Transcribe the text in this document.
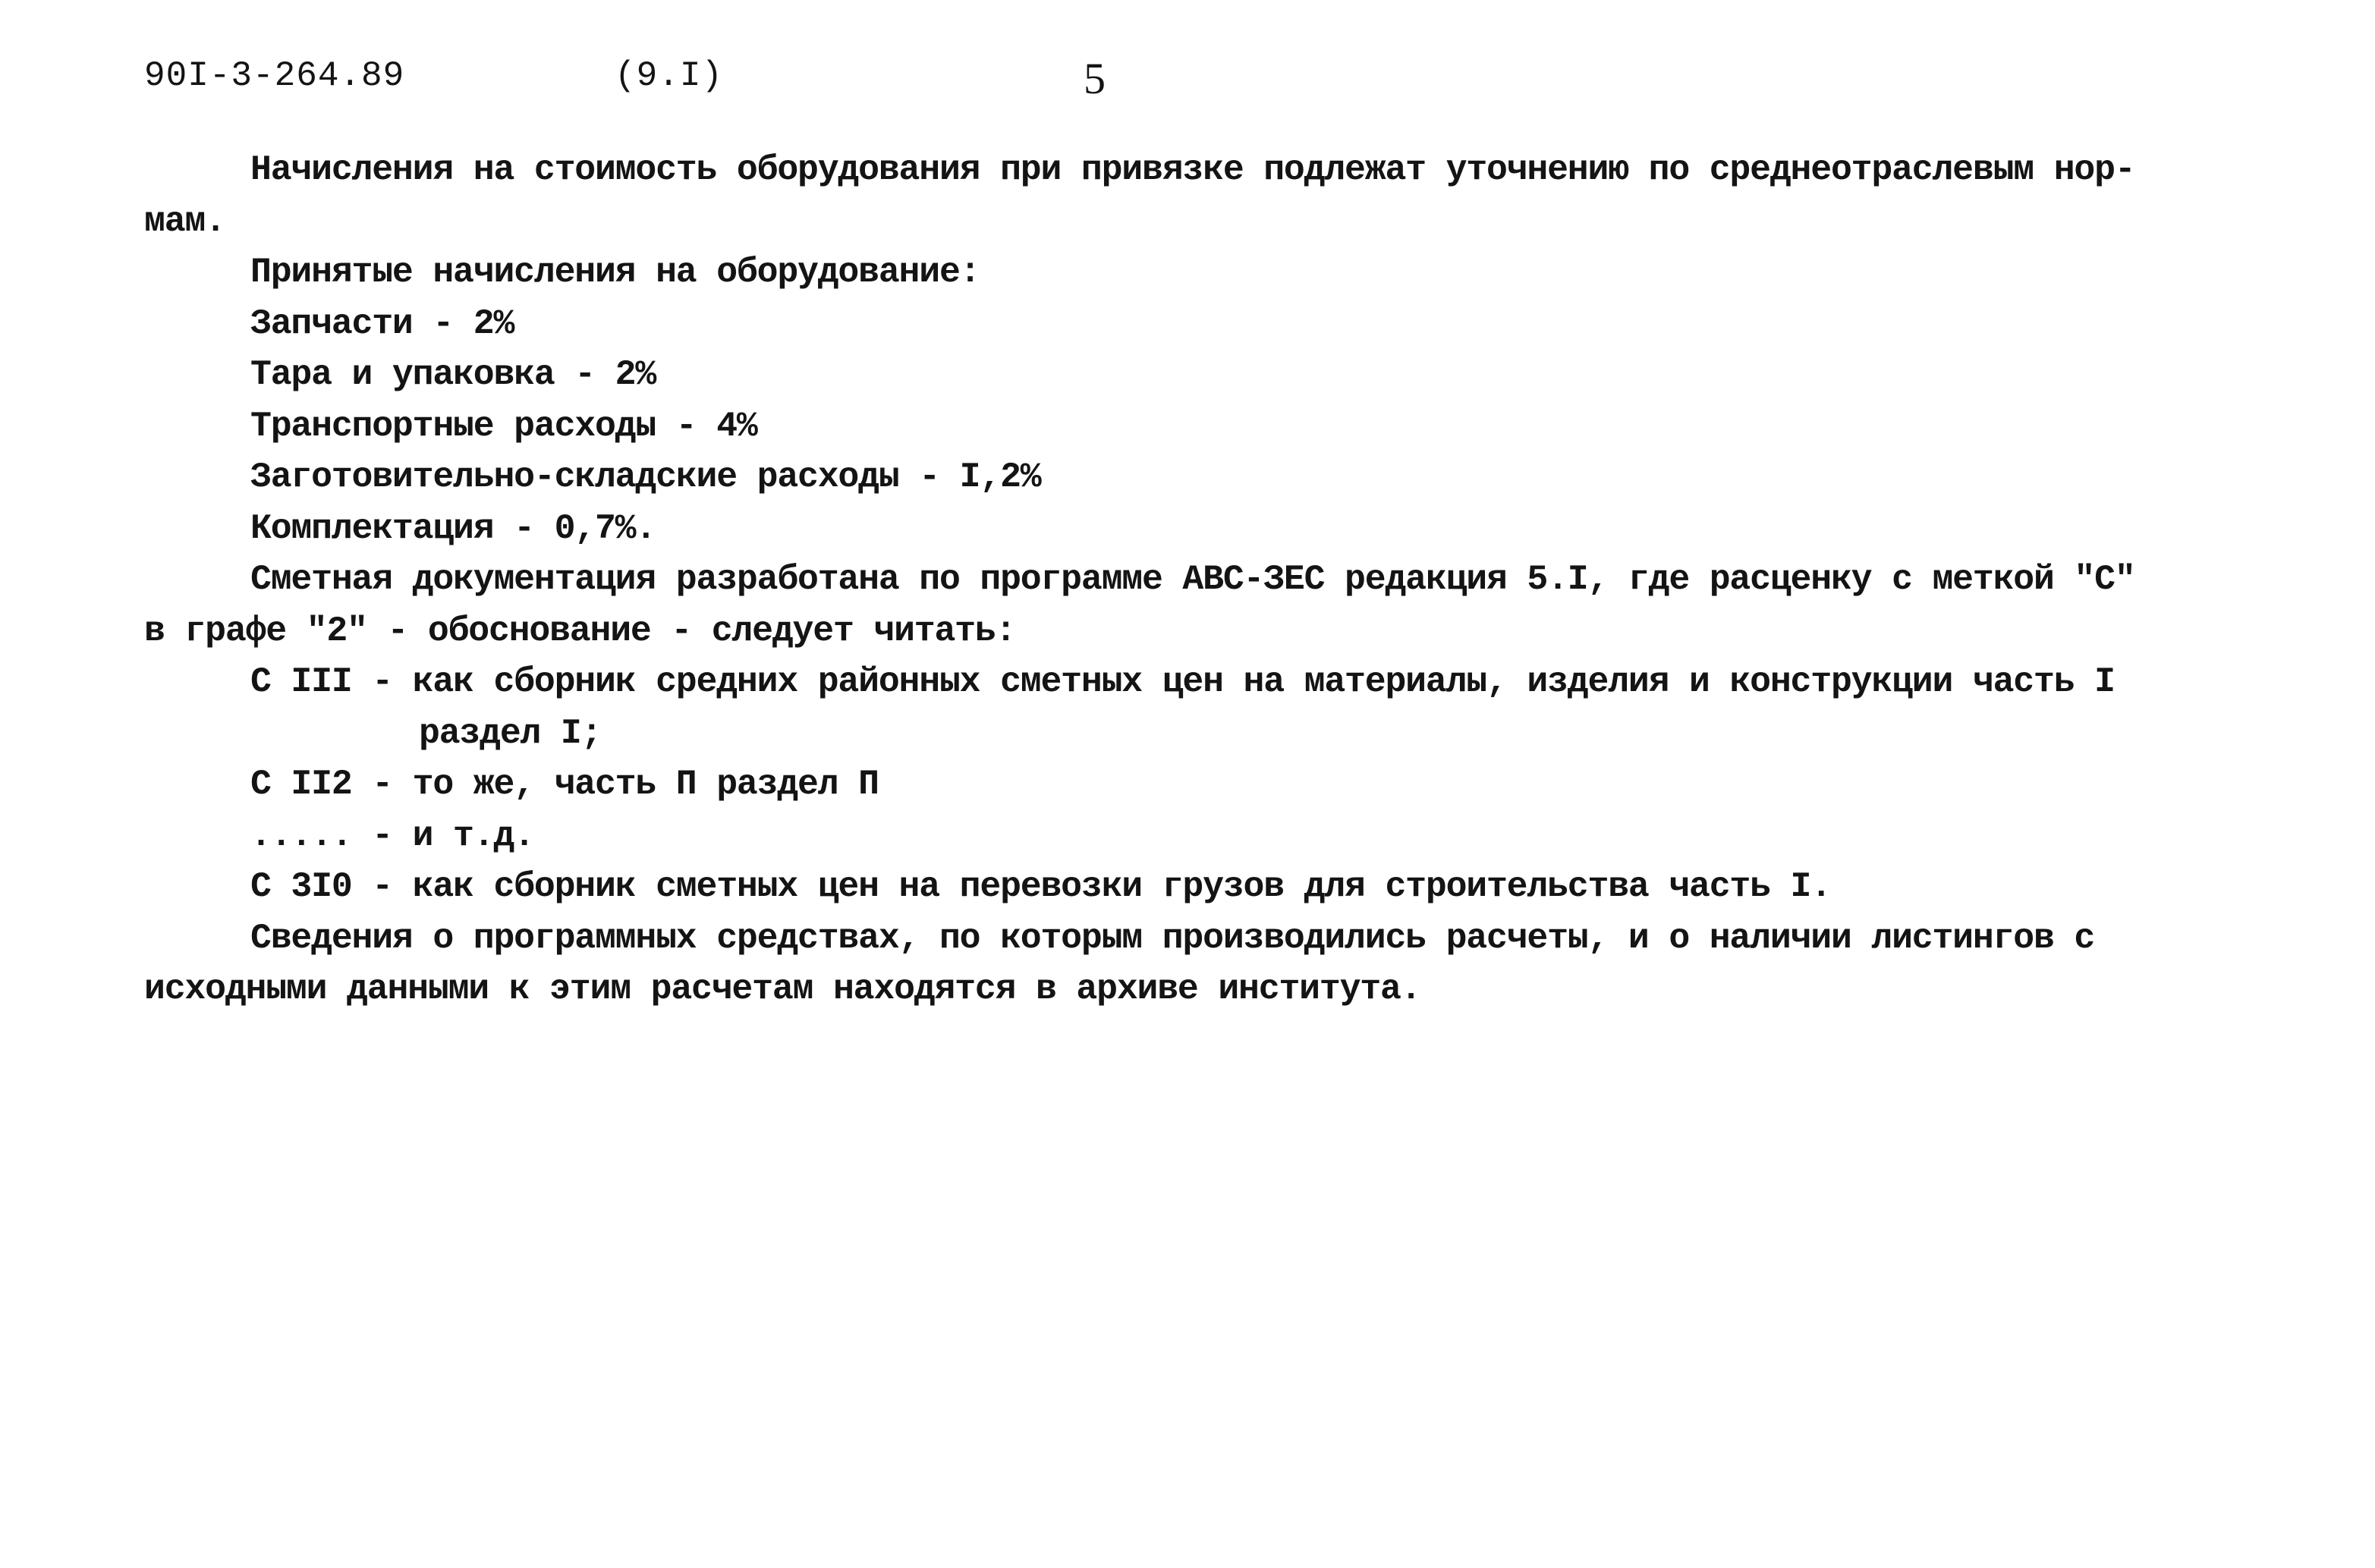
90I-3-264.89	(9.I)	5
Начисления на стоимость оборудования при привязке подлежат уточнению по среднеотраслевым нор-
мам.
Принятые начисления на оборудование:
Запчасти - 2%
Тара и упаковка - 2%
Транспортные расходы - 4%
Заготовительно-складские расходы - I,2%
Комплектация - 0,7%.
Сметная документация разработана по программе АВС-ЗЕС редакция 5.I, где расценку с меткой "С"
в графе "2" - обоснование - следует читать:
С III - как сборник средних районных сметных цен на материалы, изделия и конструкции часть I
раздел I;
С II2 - то же, часть П раздел П
..... - и т.д.
С 3I0 - как сборник сметных цен на перевозки грузов для строительства часть I.
Сведения о программных средствах, по которым производились расчеты, и о наличии листингов с
исходными данными к этим расчетам находятся в архиве института.
